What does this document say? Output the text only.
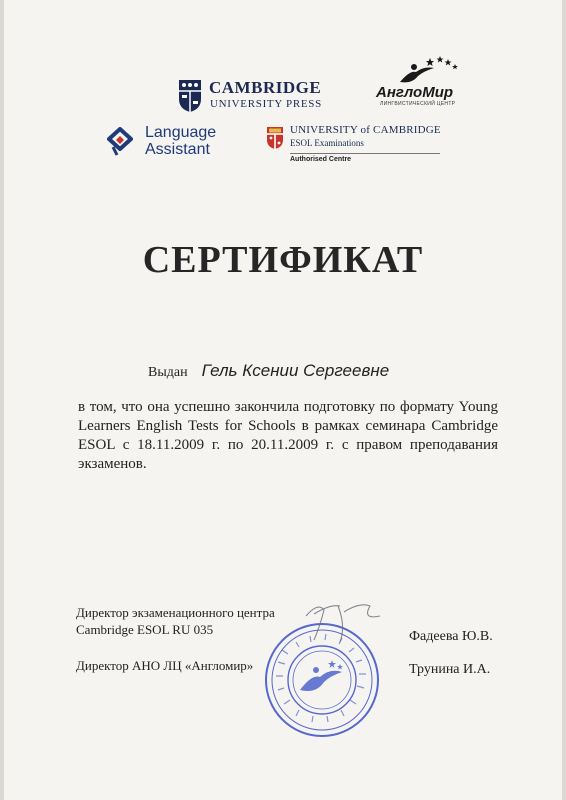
CAMBRIDGE
UNIVERSITY PRESS
АнглоМир
ЛИНГВИСТИЧЕСКИЙ ЦЕНТР
Language
Assistant
UNIVERSITY of CAMBRIDGE
ESOL Examinations
Authorised Centre
СЕРТИФИКАТ
Выдан Гель Ксении Сергеевне

в том, что она успешно закончила подготовку по формату Young Learners English Tests for Schools в рамках семинара Cambridge ESOL с 18.11.2009 г. по 20.11.2009 г. с правом преподавания экзаменов.

Директор экзаменационного центра
Cambridge ESOL RU 035	Фадеева Ю.В.
Директор АНО ЛЦ «Англомир»	Трунина И.А.
